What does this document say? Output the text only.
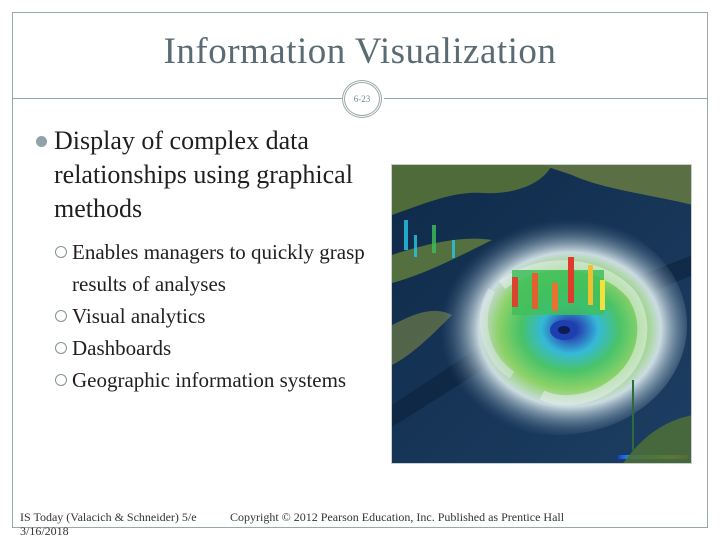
Information Visualization
6-23
Display of complex data relationships using graphical methods
Enables managers to quickly grasp results of analyses
Visual analytics
Dashboards
Geographic information systems
IS Today (Valacich & Schneider) 5/e
3/16/2018
Copyright © 2012 Pearson Education, Inc. Published as Prentice Hall
